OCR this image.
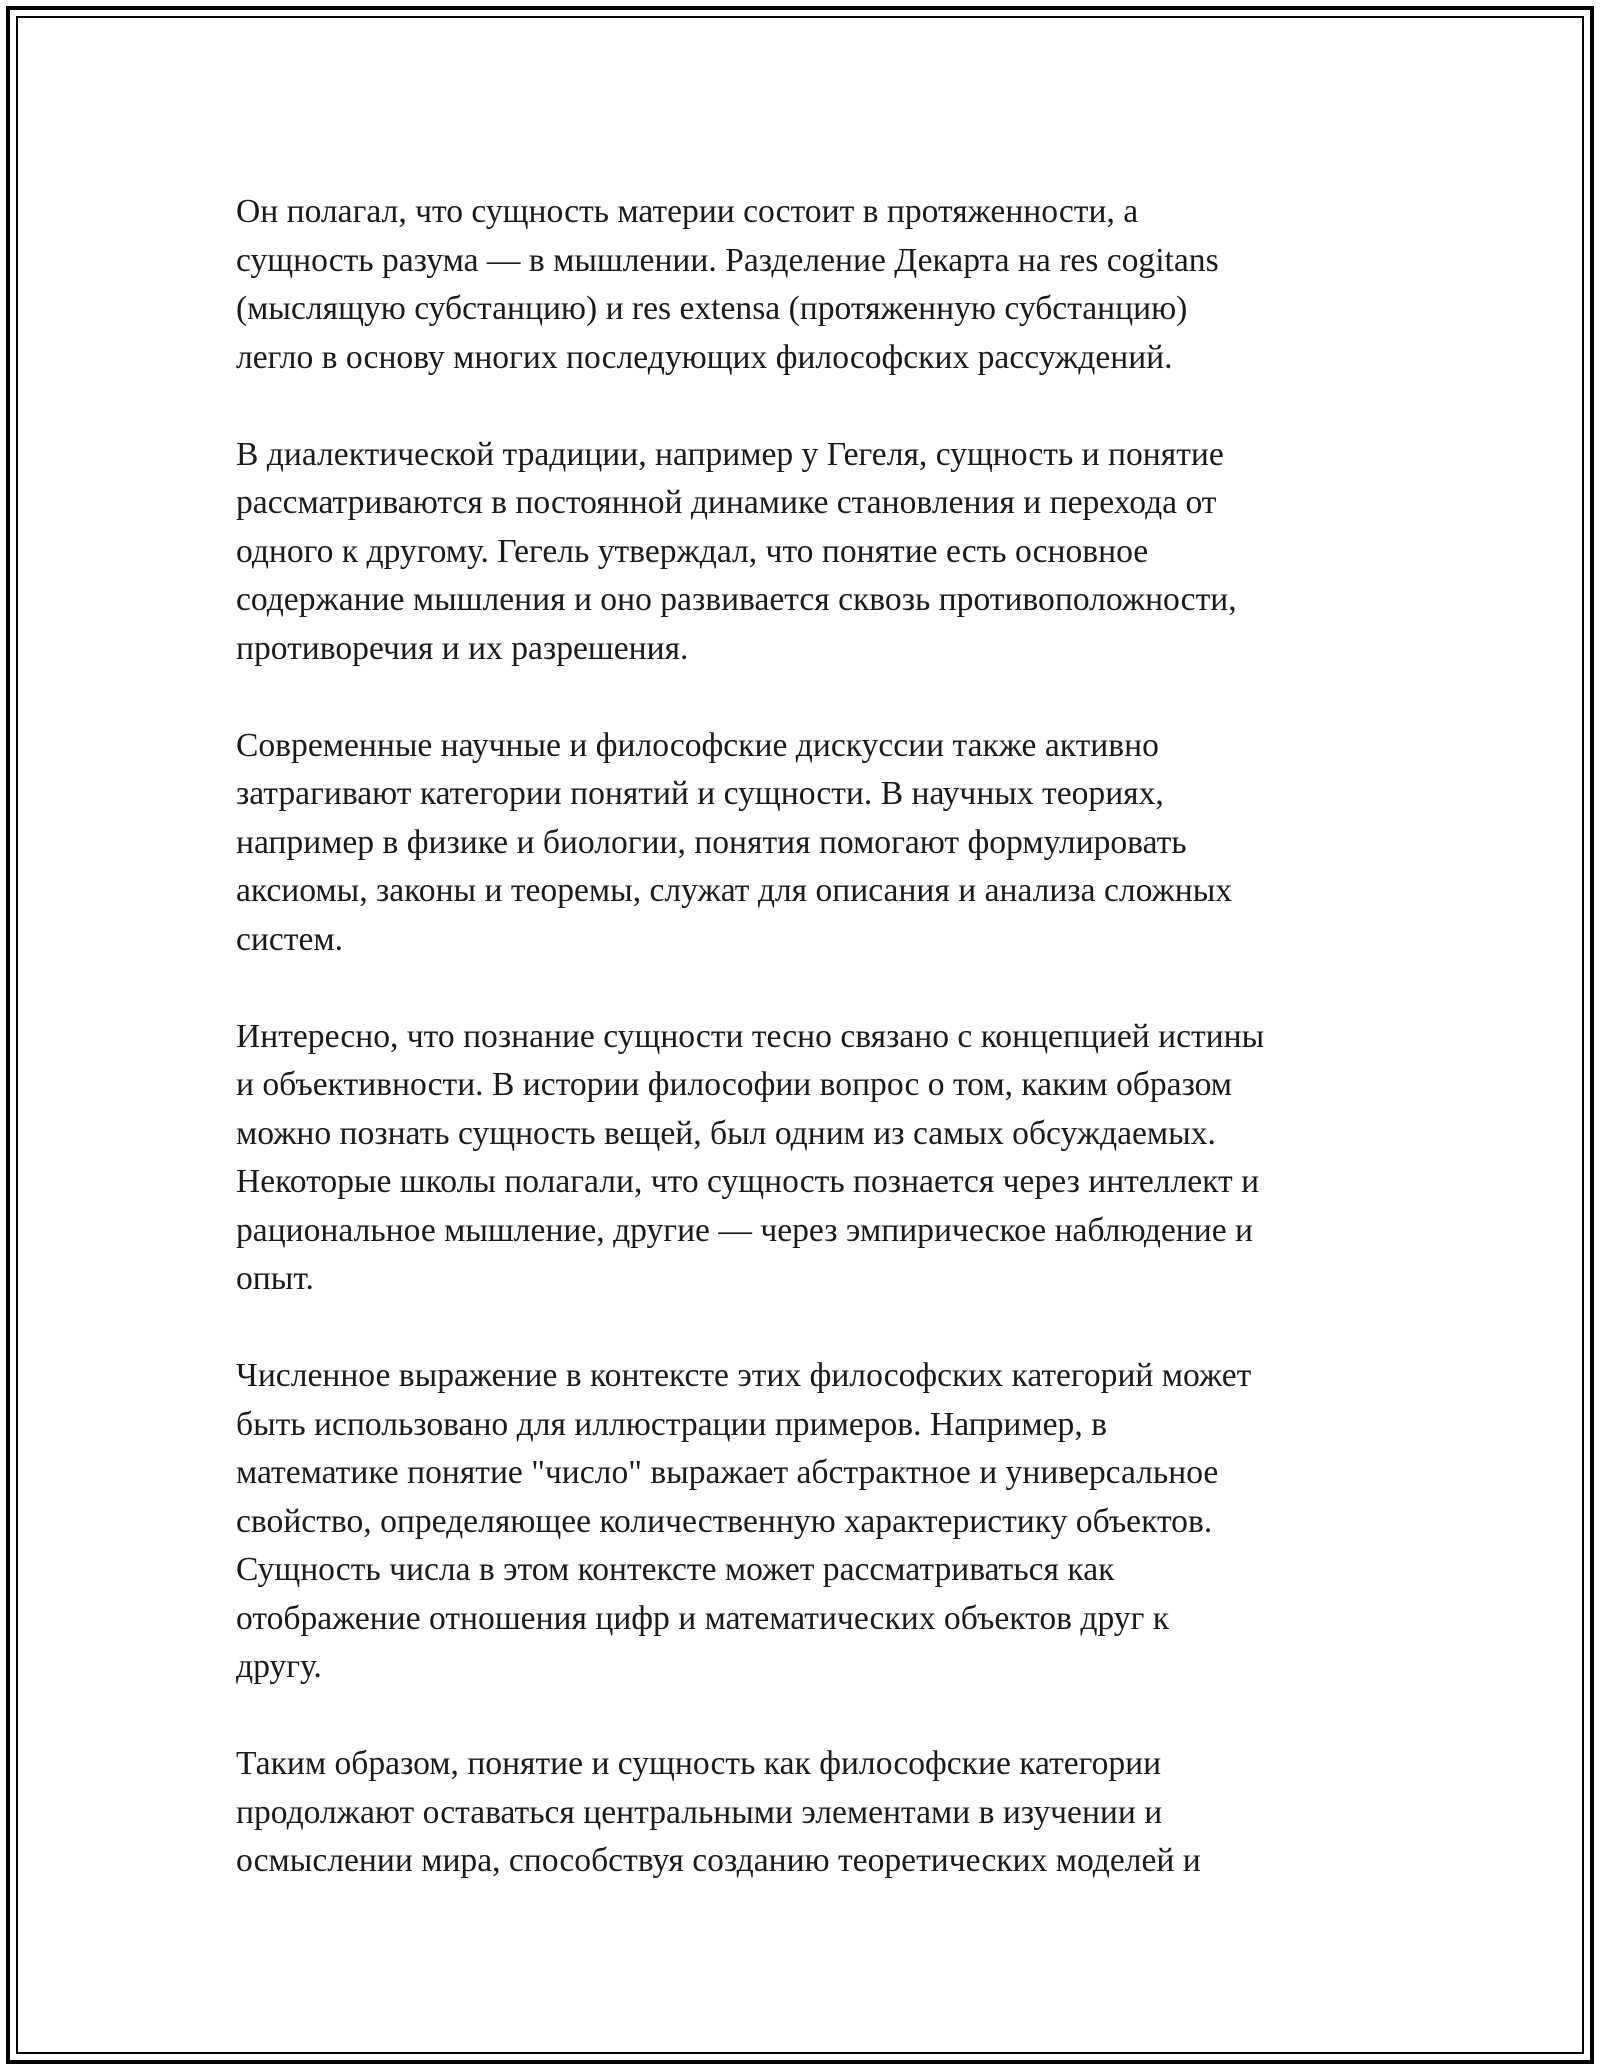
Он полагал, что сущность материи состоит в протяженности, а
сущность разума — в мышлении. Разделение Декарта на res cogitans
(мыслящую субстанцию) и res extensa (протяженную субстанцию)
легло в основу многих последующих философских рассуждений.

В диалектической традиции, например у Гегеля, сущность и понятие
рассматриваются в постоянной динамике становления и перехода от
одного к другому. Гегель утверждал, что понятие есть основное
содержание мышления и оно развивается сквозь противоположности,
противоречия и их разрешения.

Современные научные и философские дискуссии также активно
затрагивают категории понятий и сущности. В научных теориях,
например в физике и биологии, понятия помогают формулировать
аксиомы, законы и теоремы, служат для описания и анализа сложных
систем.

Интересно, что познание сущности тесно связано с концепцией истины
и объективности. В истории философии вопрос о том, каким образом
можно познать сущность вещей, был одним из самых обсуждаемых.
Некоторые школы полагали, что сущность познается через интеллект и
рациональное мышление, другие — через эмпирическое наблюдение и
опыт.

Численное выражение в контексте этих философских категорий может
быть использовано для иллюстрации примеров. Например, в
математике понятие "число" выражает абстрактное и универсальное
свойство, определяющее количественную характеристику объектов.
Сущность числа в этом контексте может рассматриваться как
отображение отношения цифр и математических объектов друг к
другу.

Таким образом, понятие и сущность как философские категории
продолжают оставаться центральными элементами в изучении и
осмыслении мира, способствуя созданию теоретических моделей и
